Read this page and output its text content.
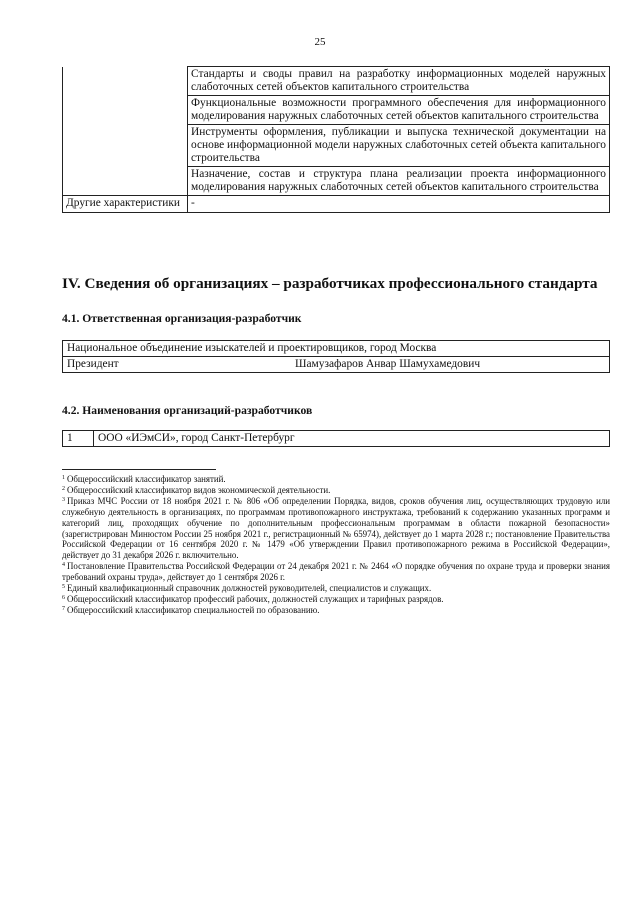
25
	Стандарты и своды правил на разработку информационных моделей наружных слаботочных сетей объектов капитального строительства
	Функциональные возможности программного обеспечения для информационного моделирования наружных слаботочных сетей объектов капитального строительства
	Инструменты оформления, публикации и выпуска технической документации на основе информационной модели наружных слаботочных сетей объекта капитального строительства
	Назначение, состав и структура плана реализации проекта информационного моделирования наружных слаботочных сетей объектов капитального строительства
Другие характеристики	-
IV. Сведения об организациях – разработчиках профессионального стандарта
4.1. Ответственная организация-разработчик
Национальное объединение изыскателей и проектировщиков, город Москва
Президент	Шамузафаров Анвар Шамухамедович
4.2. Наименования организаций-разработчиков
1	ООО «ИЭмСИ», город Санкт-Петербург

$^1$ Общероссийский классификатор занятий.

$^2$ Общероссийский классификатор видов экономической деятельности.

$^3$ Приказ МЧС России от 18 ноября 2021 г. № 806 «Об определении Порядка, видов, сроков обучения лиц, осуществляющих трудовую или служебную деятельность в организациях, по программам противопожарного инструктажа, требований к содержанию указанных программ и категорий лиц, проходящих обучение по дополнительным профессиональным программам в области пожарной безопасности» (зарегистрирован Минюстом России 25 ноября 2021 г., регистрационный № 65974), действует до 1 марта 2028 г.; постановление Правительства Российской Федерации от 16 сентября 2020 г. № 1479 «Об утверждении Правил противопожарного режима в Российской Федерации», действует до 31 декабря 2026 г. включительно.

$^4$ Постановление Правительства Российской Федерации от 24 декабря 2021 г. № 2464 «О порядке обучения по охране труда и проверки знания требований охраны труда», действует до 1 сентября 2026 г.

$^5$ Единый квалификационный справочник должностей руководителей, специалистов и служащих.

$^6$ Общероссийский классификатор профессий рабочих, должностей служащих и тарифных разрядов.

$^7$ Общероссийский классификатор специальностей по образованию.
